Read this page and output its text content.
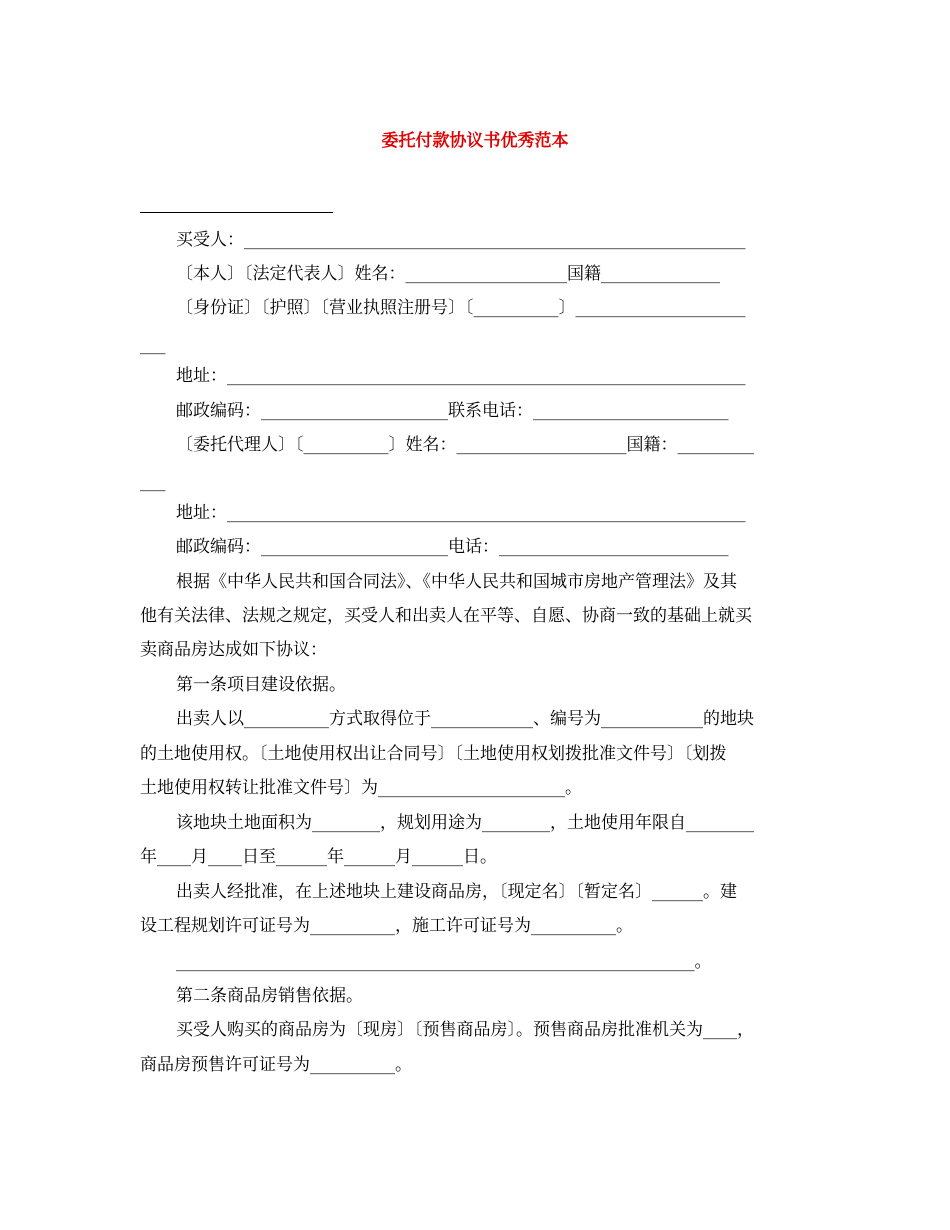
委托付款协议书优秀范本
买受人：___________________________________________________________
〔本人〕〔法定代表人〕姓名：___________________国籍______________
〔身份证〕〔护照〕〔营业执照注册号〕〔__________〕____________________
___
地址：_____________________________________________________________
邮政编码：______________________联系电话：_______________________
〔委托代理人〕〔__________〕姓名：____________________国籍：_________
___
地址：_____________________________________________________________
邮政编码：______________________电话：___________________________
根据《中华人民共和国合同法》、《中华人民共和国城市房地产管理法》及其
他有关法律、法规之规定，买受人和出卖人在平等、自愿、协商一致的基础上就买
卖商品房达成如下协议：
第一条项目建设依据。
出卖人以__________方式取得位于____________、编号为____________的地块
的土地使用权。〔土地使用权出让合同号〕〔土地使用权划拨批准文件号〕〔划拨
土地使用权转让批准文件号〕为______________________。
该地块土地面积为________，规划用途为________，土地使用年限自________
年____月____日至______年______月______日。
出卖人经批准，在上述地块上建设商品房，〔现定名〕〔暂定名〕______。建
设工程规划许可证号为__________，施工许可证号为__________。
_____________________________________________________________。
第二条商品房销售依据。
买受人购买的商品房为〔现房〕〔预售商品房〕。预售商品房批准机关为____，
商品房预售许可证号为__________。
